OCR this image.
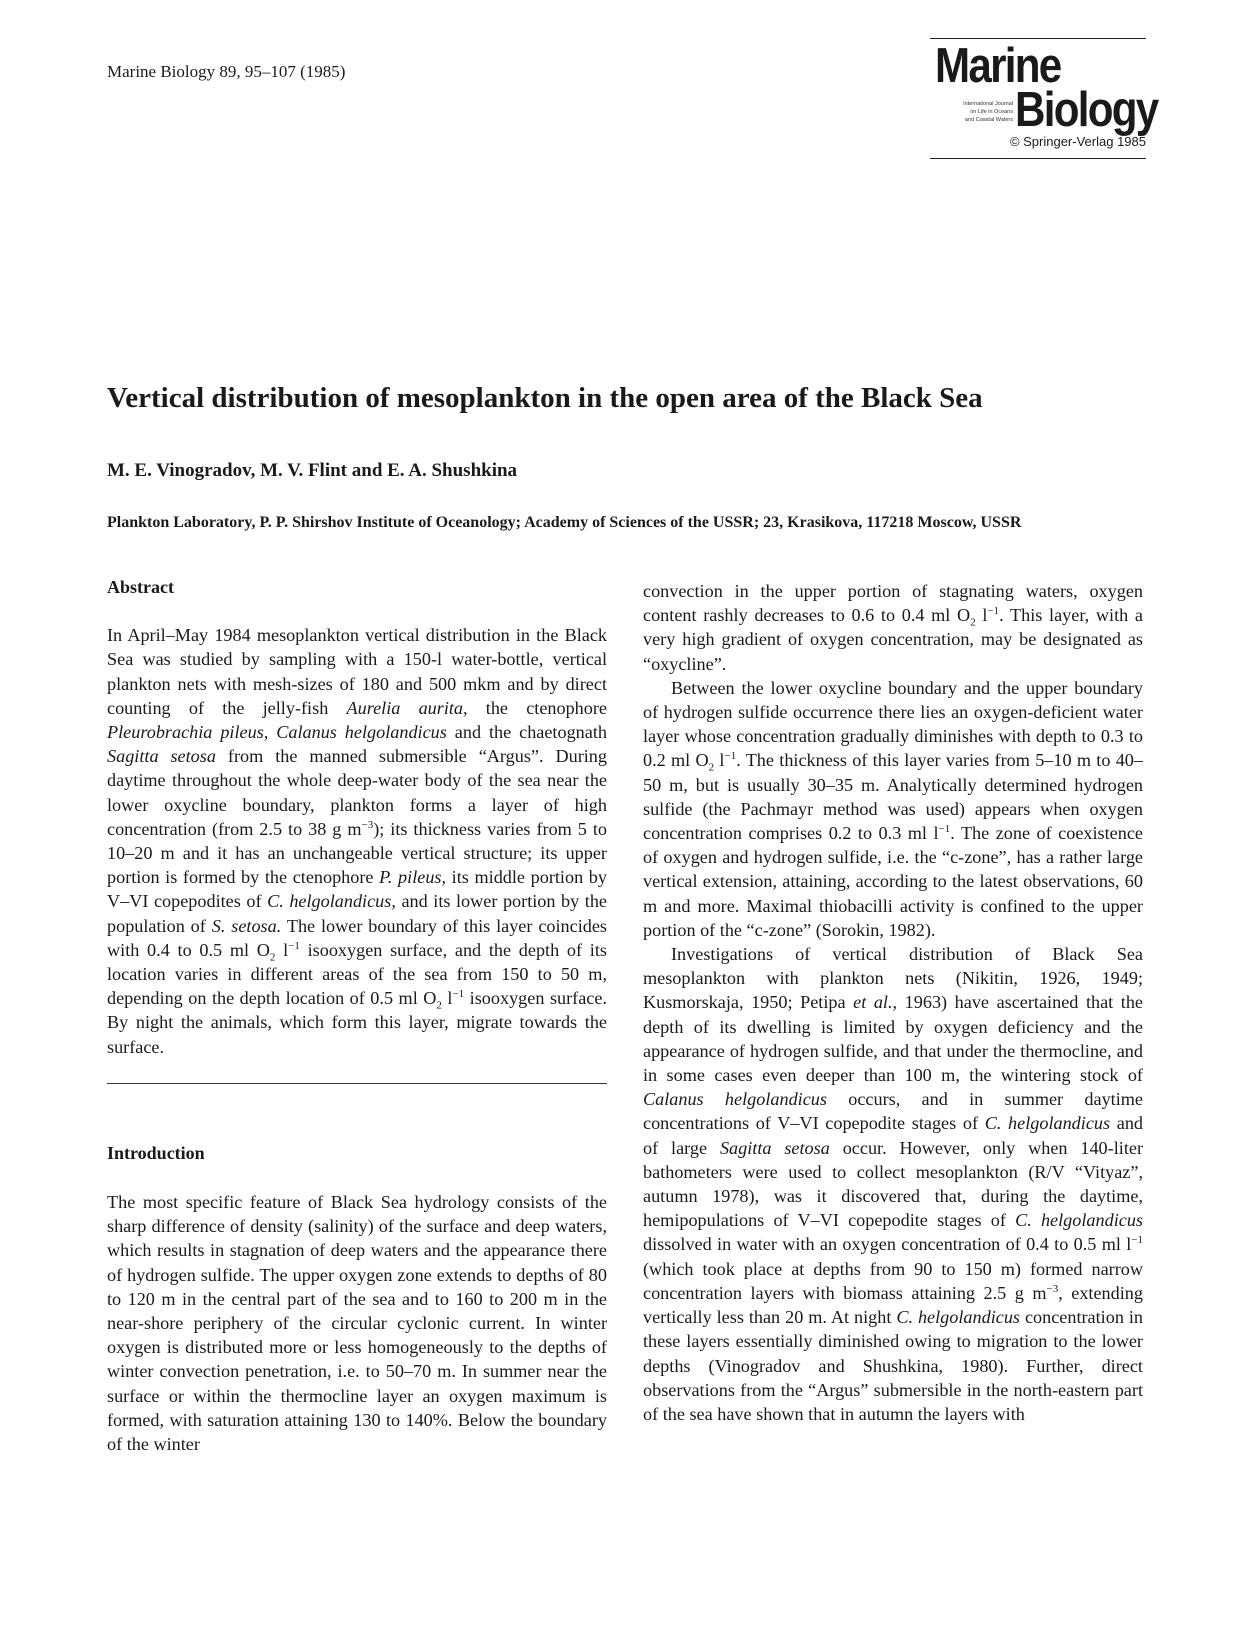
Marine Biology 89, 95–107 (1985)	Marine
International Journal
on Life in Oceans
and Coastal Waters Biology
© Springer-Verlag 1985
Vertical distribution of mesoplankton in the open area of the Black Sea
M. E. Vinogradov, M. V. Flint and E. A. Shushkina
Plankton Laboratory, P. P. Shirshov Institute of Oceanology; Academy of Sciences of the USSR; 23, Krasikova, 117218 Moscow, USSR
Abstract

In April–May 1984 mesoplankton vertical distribution in the Black Sea was studied by sampling with a 150-l water-bottle, vertical plankton nets with mesh-sizes of 180 and 500 mkm and by direct counting of the jelly-fish Aurelia aurita, the ctenophore Pleurobrachia pileus, Calanus helgolandicus and the chaetognath Sagitta setosa from the manned submersible “Argus”. During daytime throughout the whole deep-water body of the sea near the lower oxycline boundary, plankton forms a layer of high concentration (from 2.5 to 38 g $m^{-3}$); its thickness varies from 5 to 10–20 m and it has an unchangeable vertical structure; its upper portion is formed by the ctenophore P. pileus, its middle portion by V–VI copepodites of C. helgolandicus, and its lower portion by the population of S. setosa. The lower boundary of this layer coincides with 0.4 to 0.5 ml $O_2$ $l^{-1}$ isooxygen surface, and the depth of its location varies in different areas of the sea from 150 to 50 m, depending on the depth location of 0.5 ml $O_2$ $l^{-1}$ isooxygen surface. By night the animals, which form this layer, migrate towards the surface.

Introduction

The most specific feature of Black Sea hydrology consists of the sharp difference of density (salinity) of the surface and deep waters, which results in stagnation of deep waters and the appearance there of hydrogen sulfide. The upper oxygen zone extends to depths of 80 to 120 m in the central part of the sea and to 160 to 200 m in the near-shore periphery of the circular cyclonic current. In winter oxygen is distributed more or less homogeneously to the depths of winter convection penetration, i.e. to 50–70 m. In summer near the surface or within the thermocline layer an oxygen maximum is formed, with saturation attaining 130 to 140%. Below the boundary of the winter

convection in the upper portion of stagnating waters, oxygen content rashly decreases to 0.6 to 0.4 ml $O_2$ $l^{-1}$. This layer, with a very high gradient of oxygen concentration, may be designated as “oxycline”.

Between the lower oxycline boundary and the upper boundary of hydrogen sulfide occurrence there lies an oxygen-deficient water layer whose concentration gradually diminishes with depth to 0.3 to 0.2 ml $O_2$ $l^{-1}$. The thickness of this layer varies from 5–10 m to 40–50 m, but is usually 30–35 m. Analytically determined hydrogen sulfide (the Pachmayr method was used) appears when oxygen concentration comprises 0.2 to 0.3 ml $l^{-1}$. The zone of coexistence of oxygen and hydrogen sulfide, i.e. the “c-zone”, has a rather large vertical extension, attaining, according to the latest observations, 60 m and more. Maximal thiobacilli activity is confined to the upper portion of the “c-zone” (Sorokin, 1982).

Investigations of vertical distribution of Black Sea mesoplankton with plankton nets (Nikitin, 1926, 1949; Kusmorskaja, 1950; Petipa et al., 1963) have ascertained that the depth of its dwelling is limited by oxygen deficiency and the appearance of hydrogen sulfide, and that under the thermocline, and in some cases even deeper than 100 m, the wintering stock of Calanus helgolandicus occurs, and in summer daytime concentrations of V–VI copepodite stages of C. helgolandicus and of large Sagitta setosa occur. However, only when 140-liter bathometers were used to collect mesoplankton (R/V “Vityaz”, autumn 1978), was it discovered that, during the daytime, hemipopulations of V–VI copepodite stages of C. helgolandicus dissolved in water with an oxygen concentration of 0.4 to 0.5 ml $l^{-1}$ (which took place at depths from 90 to 150 m) formed narrow concentration layers with biomass attaining 2.5 g $m^{-3}$, extending vertically less than 20 m. At night C. helgolandicus concentration in these layers essentially diminished owing to migration to the lower depths (Vinogradov and Shushkina, 1980). Further, direct observations from the “Argus” submersible in the north-eastern part of the sea have shown that in autumn the layers with
